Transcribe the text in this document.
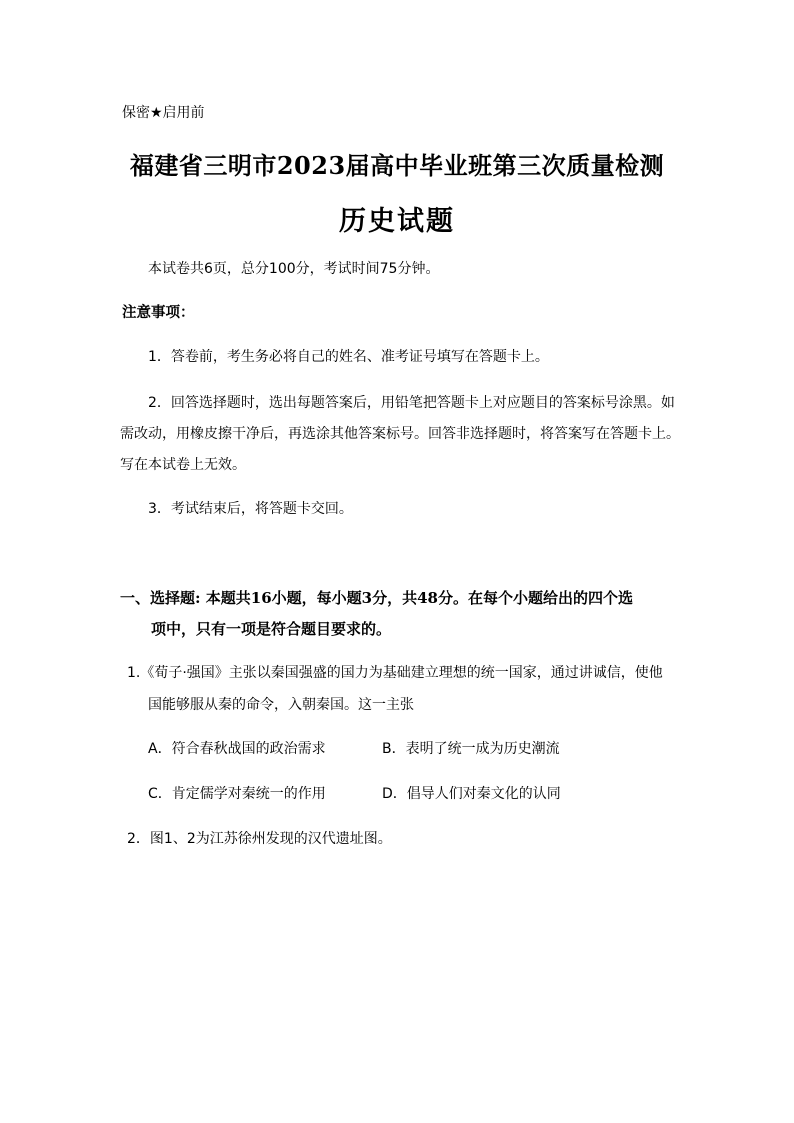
保密★启用前
福建省三明市2023届高中毕业班第三次质量检测
历史试题
本试卷共6页，总分100分，考试时间75分钟。
注意事项：
1．答卷前，考生务必将自己的姓名、准考证号填写在答题卡上。
2．回答选择题时，选出每题答案后，用铅笔把答题卡上对应题目的答案标号涂黑。如
需改动，用橡皮擦干净后，再选涂其他答案标号。回答非选择题时，将答案写在答题卡上。
写在本试卷上无效。
3．考试结束后，将答题卡交回。
一、选择题: 本题共16小题，每小题3分，共48分。在每个小题给出的四个选
项中，只有一项是符合题目要求的。
1.《荀子·强国》主张以秦国强盛的国力为基础建立理想的统一国家，通过讲诚信，使他
国能够服从秦的命令，入朝秦国。这一主张
A．符合春秋战国的政治需求	B．表明了统一成为历史潮流
C．肯定儒学对秦统一的作用	D．倡导人们对秦文化的认同
2．图1、2为江苏徐州发现的汉代遗址图。
